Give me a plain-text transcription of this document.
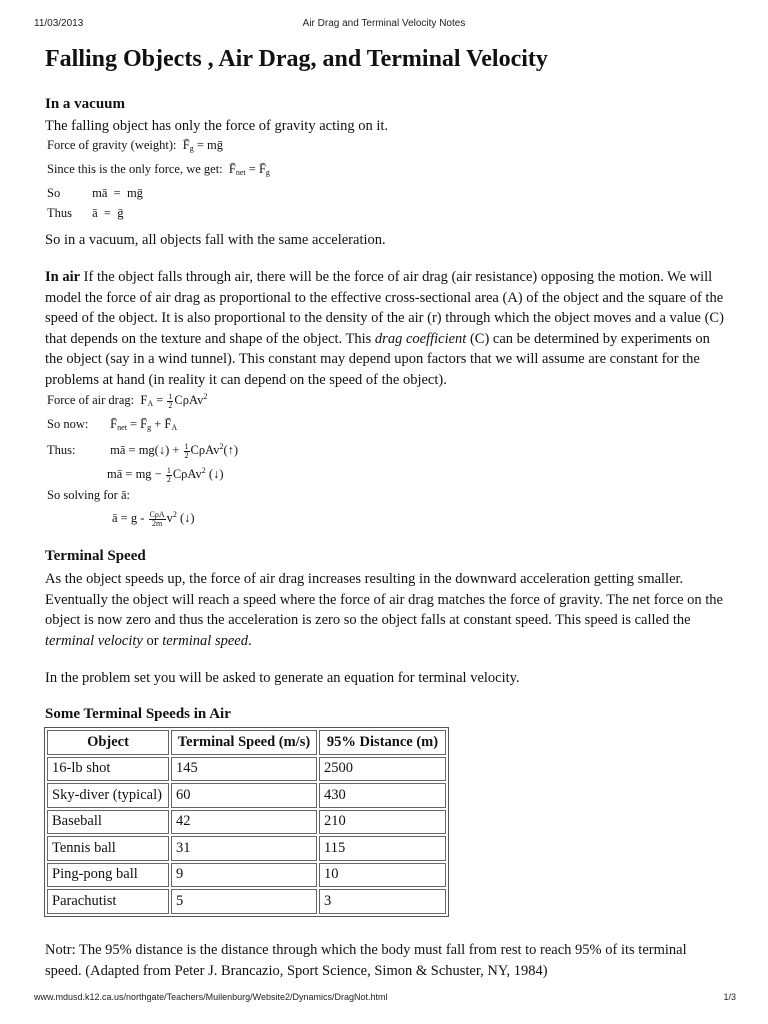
11/03/2013	Air Drag and Terminal Velocity Notes
Falling Objects , Air Drag, and Terminal Velocity
In a vacuum
The falling object has only the force of gravity acting on it.
Force of gravity (weight): $F̄_g$ = mḡ
Since this is the only force, we get: $F̄_{net}$ = $F̄_g$
So	mā  =  mḡ
Thus ā  =  ḡ
So in a vacuum, all objects fall with the same acceleration.
In air If the object falls through air, there will be the force of air drag (air resistance) opposing the motion. We will model the force of air drag as proportional to the effective cross-sectional area (A) of the object and the square of the speed of the object. It is also proportional to the density of the air (r) through which the object moves and a value (C) that depends on the texture and shape of the object. This drag coefficient (C) can be determined by experiments on the object (say in a wind tunnel). This constant may depend upon factors that we will assume are constant for the problems at hand (in reality it can depend on the speed of the object).
Force of air drag: $F_A = \frac{1}{2} C\rho Av^2$
So now: $F̄_{net}$ = $F̄_g$ + $F̄_A$
Thus:	mā = mg(↓) + $\frac{1}{2}$ CρAv$^2$(↑)
mā = mg − $\frac{1}{2} C\rho Av^2$ (↓)
So solving for ā:
ā = g - $\frac{\text{CρA}}{2m} v^2$ (↓)
Terminal Speed
As the object speeds up, the force of air drag increases resulting in the downward acceleration getting smaller. Eventually the object will reach a speed where the force of air drag matches the force of gravity. The net force on the object is now zero and thus the acceleration is zero so the object falls at constant speed. This speed is called the terminal velocity or terminal speed.
In the problem set you will be asked to generate an equation for terminal velocity.
Some Terminal Speeds in Air
Object	Terminal Speed (m/s)	95% Distance (m)
16-lb shot	145	2500
Sky-diver (typical)	60	430
Baseball	42	210
Tennis ball	31	115
Ping-pong ball	9	10
Parachutist	5	3
Notr: The 95% distance is the distance through which the body must fall from rest to reach 95% of its terminal speed. (Adapted from Peter J. Brancazio, Sport Science, Simon & Schuster, NY, 1984)
www.mdusd.k12.ca.us/northgate/Teachers/Muilenburg/Website2/Dynamics/DragNot.html	1/3
